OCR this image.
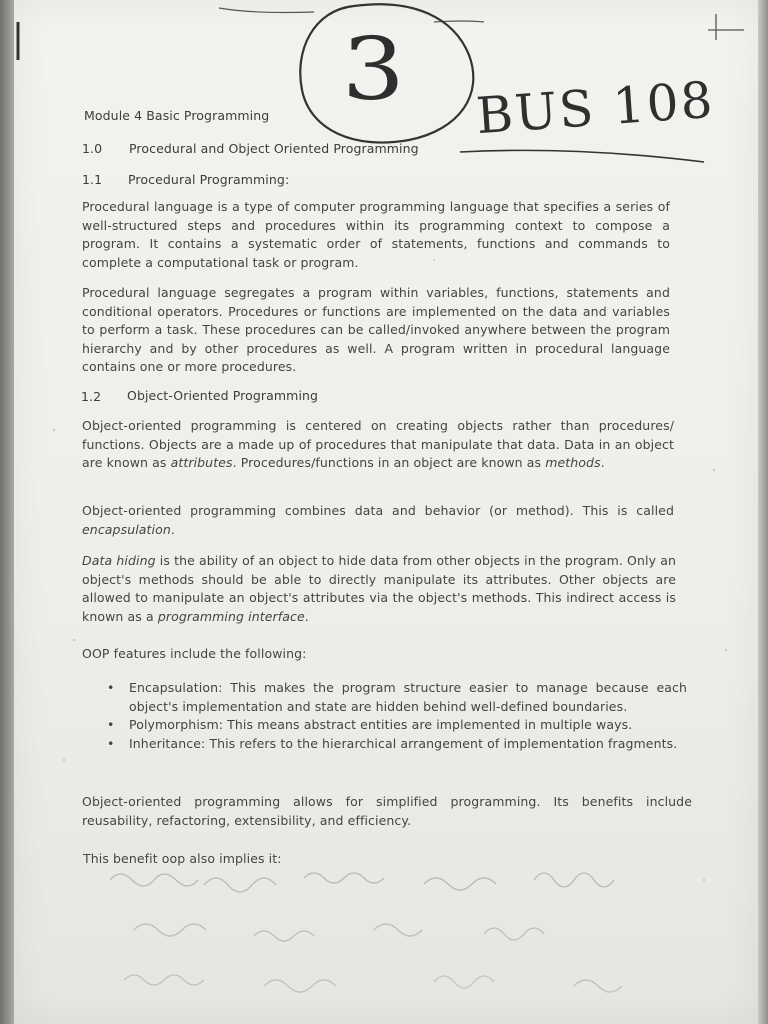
3 BUS 108
Module 4 Basic Programming
1.0 Procedural and Object Oriented Programming
1.1 Procedural Programming:
Procedural language is a type of computer programming language that specifies a series of well-structured steps and procedures within its programming context to compose a program. It contains a systematic order of statements, functions and commands to complete a computational task or program.
Procedural language segregates a program within variables, functions, statements and conditional operators. Procedures or functions are implemented on the data and variables to perform a task. These procedures can be called/invoked anywhere between the program hierarchy and by other procedures as well. A program written in procedural language contains one or more procedures.
1.2 Object-Oriented Programming
Object-oriented programming is centered on creating objects rather than procedures/ functions. Objects are a made up of procedures that manipulate that data. Data in an object are known as attributes. Procedures/functions in an object are known as methods.
Object-oriented programming combines data and behavior (or method). This is called encapsulation.
Data hiding is the ability of an object to hide data from other objects in the program. Only an object's methods should be able to directly manipulate its attributes. Other objects are allowed to manipulate an object's attributes via the object's methods. This indirect access is known as a programming interface.
OOP features include the following:
• Encapsulation: This makes the program structure easier to manage because each object's implementation and state are hidden behind well-defined boundaries.
• Polymorphism: This means abstract entities are implemented in multiple ways.
• Inheritance: This refers to the hierarchical arrangement of implementation fragments.
Object-oriented programming allows for simplified programming. Its benefits include reusability, refactoring, extensibility, and efficiency.
This benefit oop also implies it:
